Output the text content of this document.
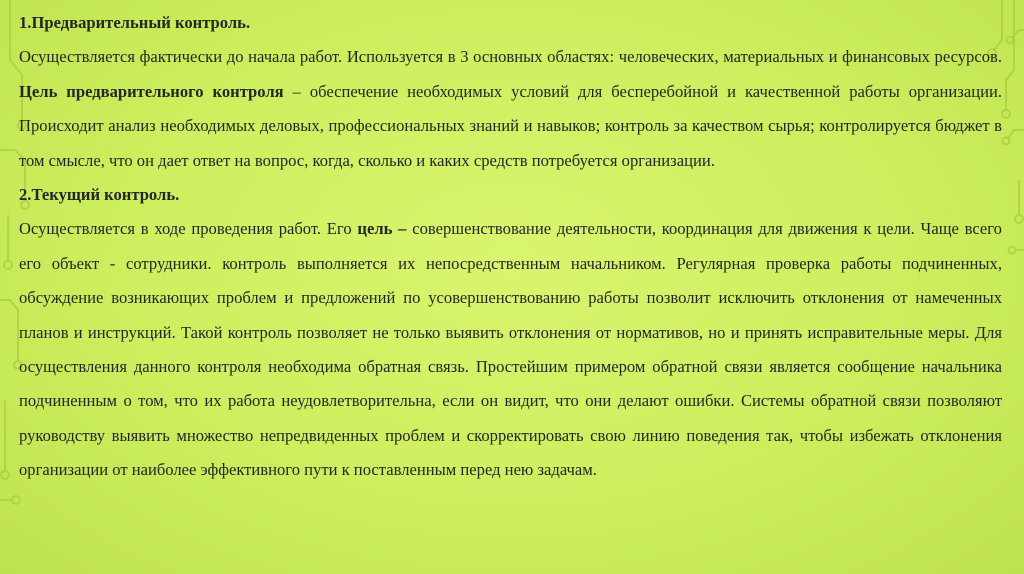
1.Предварительный контроль.

Осуществляется фактически до начала работ. Используется в 3 основных областях: человеческих, материальных и финансовых ресурсов. Цель предварительного контроля – обеспечение необходимых условий для бесперебойной и качественной работы организации. Происходит анализ необходимых деловых, профессиональных знаний и навыков; контроль за качеством сырья; контролируется бюджет в том смысле, что он дает ответ на вопрос, когда, сколько и каких средств потребуется организации.

2.Текущий контроль.

Осуществляется в ходе проведения работ. Его цель – совершенствование деятельности, координация для движения к цели. Чаще всего его объект - сотрудники. контроль выполняется их непосредственным начальником. Регулярная проверка работы подчиненных, обсуждение возникающих проблем и предложений по усовершенствованию работы позволит исключить отклонения от намеченных планов и инструкций. Такой контроль позволяет не только выявить отклонения от нормативов, но и принять исправительные меры. Для осуществления данного контроля необходима обратная связь. Простейшим примером обратной связи является сообщение начальника подчиненным о том, что их работа неудовлетворительна, если он видит, что они делают ошибки. Системы обратной связи позволяют руководству выявить множество непредвиденных проблем и скорректировать свою линию поведения так, чтобы избежать отклонения организации от наиболее эффективного пути к поставленным перед нею задачам.
